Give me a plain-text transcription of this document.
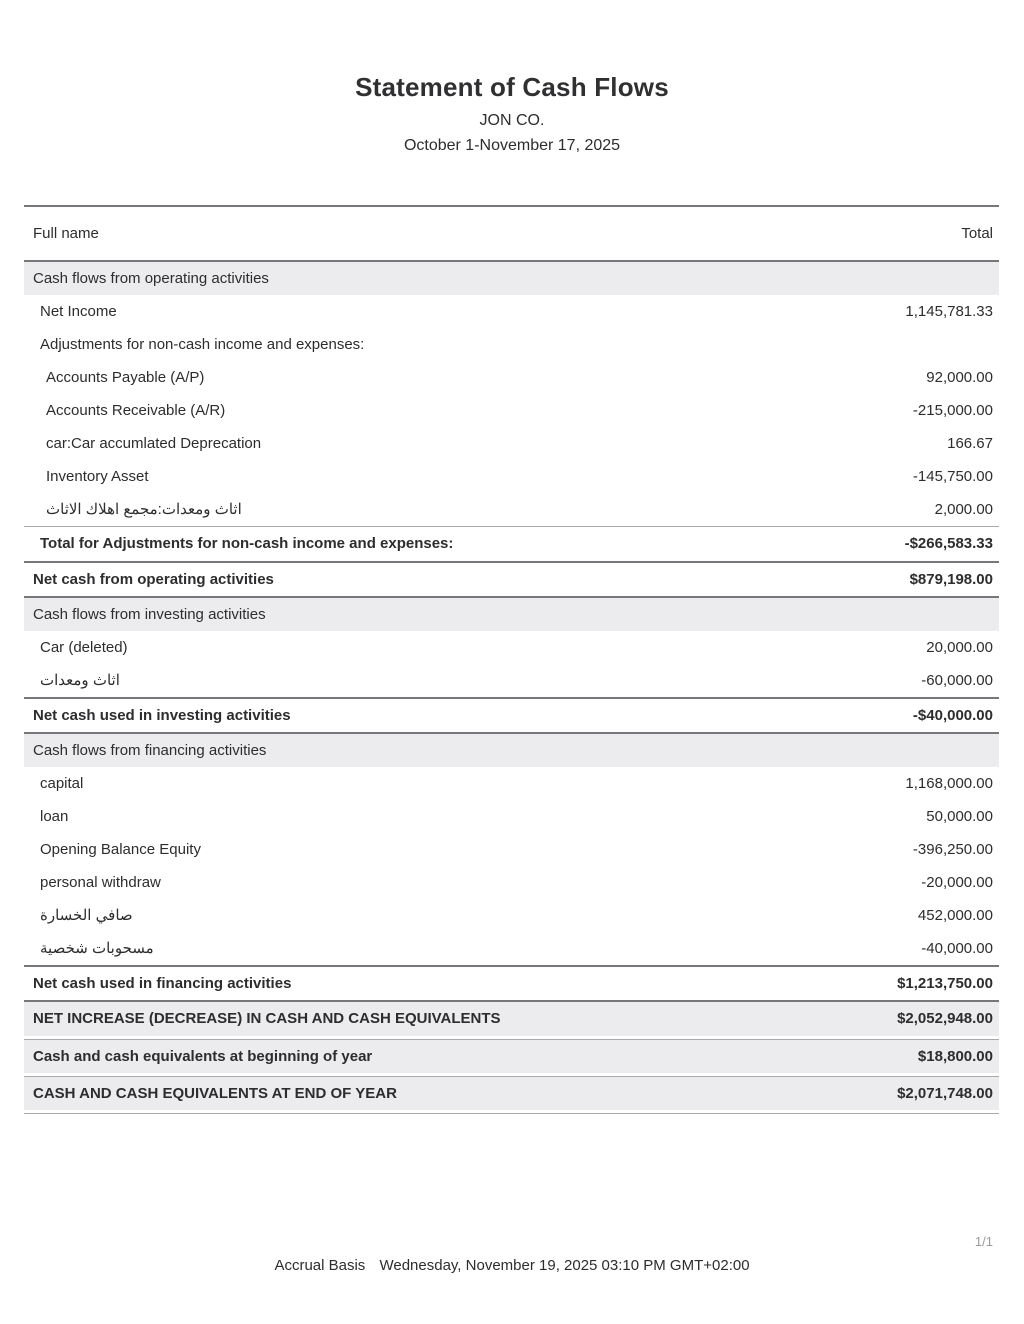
Statement of Cash Flows
JON CO.
October 1-November 17, 2025
Full name	Total
Cash flows from operating activities
Net Income	1,145,781.33
Adjustments for non-cash income and expenses:
Accounts Payable (A/P)	92,000.00
Accounts Receivable (A/R)	-215,000.00
car:Car accumlated Deprecation	166.67
Inventory Asset	-145,750.00
اثاث ومعدات:مجمع اهلاك الاثاث	2,000.00
Total for Adjustments for non-cash income and expenses:	-$266,583.33
Net cash from operating activities	$879,198.00
Cash flows from investing activities
Car (deleted)	20,000.00
اثاث ومعدات	-60,000.00
Net cash used in investing activities	-$40,000.00
Cash flows from financing activities
capital	1,168,000.00
loan	50,000.00
Opening Balance Equity	-396,250.00
personal withdraw	-20,000.00
صافي الخسارة	452,000.00
مسحوبات شخصية	-40,000.00
Net cash used in financing activities	$1,213,750.00
NET INCREASE (DECREASE) IN CASH AND CASH EQUIVALENTS	$2,052,948.00
Cash and cash equivalents at beginning of year	$18,800.00
CASH AND CASH EQUIVALENTS AT END OF YEAR	$2,071,748.00
1/1
Accrual Basis Wednesday, November 19, 2025 03:10 PM GMT+02:00
